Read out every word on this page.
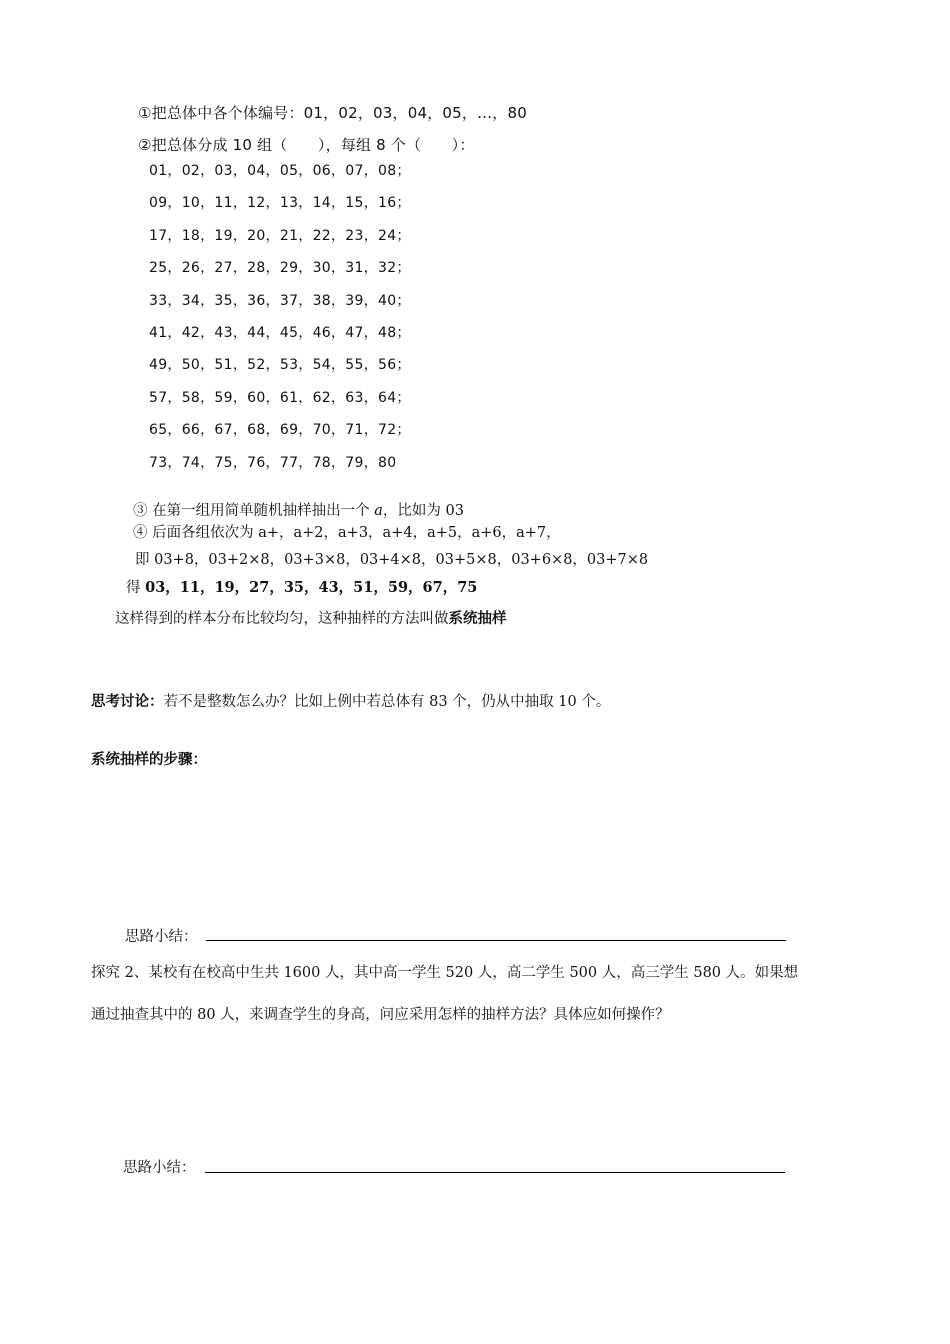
①把总体中各个体编号：01，02，03，04，05，…，80
②把总体分成 10 组（　　），每组 8 个（　　）：
01，02，03，04，05，06，07，08；
09，10，11，12，13，14，15，16；
17，18，19，20，21，22，23，24；
25，26，27，28，29，30，31，32；
33，34，35，36，37，38，39，40；
41，42，43，44，45，46，47，48；
49，50，51，52，53，54，55，56；
57，58，59，60，61，62，63，64；
65，66，67，68，69，70，71，72；
73，74，75，76，77，78，79，80
③ 在第一组用简单随机抽样抽出一个 a，比如为 03
④ 后面各组依次为 a+，a+2，a+3，a+4，a+5，a+6，a+7，
即 03+8，03+2×8，03+3×8，03+4×8，03+5×8，03+6×8，03+7×8
得 03，11，19，27，35，43，51，59，67，75
这样得到的样本分布比较均匀，这种抽样的方法叫做系统抽样
思考讨论：若不是整数怎么办？比如上例中若总体有 83 个，仍从中抽取 10 个。
系统抽样的步骤：
思路小结：
探究 2、某校有在校高中生共 1600 人，其中高一学生 520 人，高二学生 500 人，高三学生 580 人。如果想
通过抽查其中的 80 人，来调查学生的身高，问应采用怎样的抽样方法？具体应如何操作？
思路小结：
